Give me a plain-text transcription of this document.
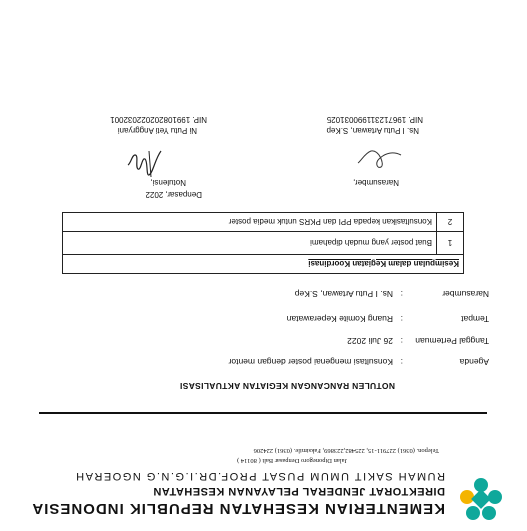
KEMENTERIAN KESEHATAN REPUBLIK INDONESIA
DIREKTORAT JENDERAL PELAYANAN KESEHATAN
RUMAH SAKIT UMUM PUSAT PROF.DR.I.G.N.G NGOERAH
Jalan Diponegoro Denpasar Bali ( 80114 )
Telepon. (0361) 227911-15, 225482,223869, Faksimile. (0361) 224206
NOTULEN RANCANGAN KEGIATAN AKTUALISASI
Agenda
:
Konsultasi mengenai poster dengan mentor
Tanggal Pertemuan
:
26 Juli 2022
Tempat
:
Ruang Komite Keperawatan
Narasumber
:
Ns. I Putu Artawan, S.Kep
Kesimpulan dalam Kegiatan Koordinasi	
1	Buat poster yang mudah dipahami
2	Konsultasikan kepada PPI dan PKRS untuk media poster
Denpasar, 2022
Notulensi,
Ni Putu Yeti Anggryani
NIP. 199108202022032001
Narasumber,
Ns. I Putu Artawan, S.Kep
NIP. 196712311990031025
